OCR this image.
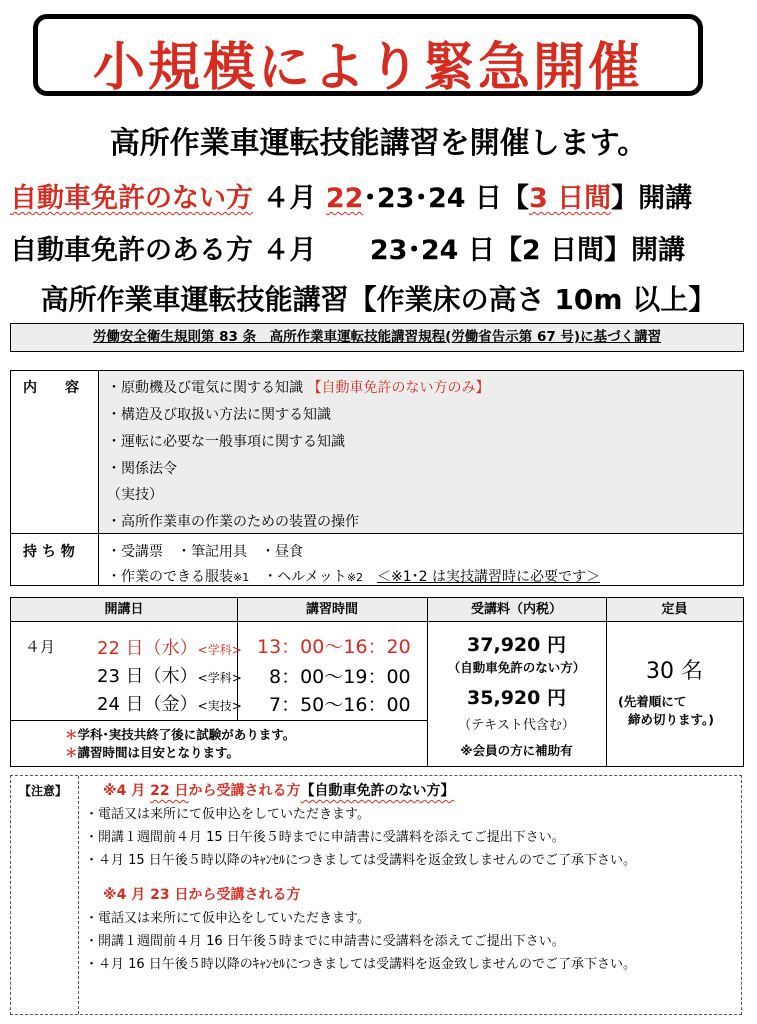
小規模により緊急開催
高所作業車運転技能講習を開催します。
自動車免許のない方 ４月 22･23･24 日【3 日間】開講
自動車免許のある方 ４月 23･24 日【2 日間】開講
高所作業車運転技能講習【作業床の高さ 10m 以上】
労働安全衛生規則第 83 条　高所作業車運転技能講習規程(労働省告示第 67 号)に基づく講習
内　　容 ・原動機及び電気に関する知識 【自動車免許のない方のみ】
・構造及び取扱い方法に関する知識
・運転に必要な一般事項に関する知識
・関係法令
（実技）
・高所作業車の作業のための装置の操作
持 ち 物 ・受講票　・筆記用具　・昼食
・作業のできる服装※1　・ヘルメット※2　 ＜※1･2 は実技講習時に必要です＞
開講日	講習時間	受講料（内税）	定員
４月 22 日（水）<学科> 13：00～16：20
23 日（木）<学科> 8：00～19：00
24 日（金）<実技> 7：50～16：00
＊学科･実技共終了後に試験があります。
＊講習時間は目安となります。
37,920 円
（自動車免許のない方）
35,920 円
（テキスト代含む）
※会員の方に補助有
30 名
(先着順にて
締め切ります。)
【注意】	※4 月 22 日から受講される方【自動車免許のない方】
・電話又は来所にて仮申込をしていただきます。
・開講１週間前４月 15 日午後５時までに申請書に受講料を添えてご提出下さい。
・４月 15 日午後５時以降のｷｬﾝｾﾙにつきましては受講料を返金致しませんのでご了承下さい。
※4 月 23 日から受講される方
・電話又は来所にて仮申込をしていただきます。
・開講１週間前４月 16 日午後５時までに申請書に受講料を添えてご提出下さい。
・４月 16 日午後５時以降のｷｬﾝｾﾙにつきましては受講料を返金致しませんのでご了承下さい。
